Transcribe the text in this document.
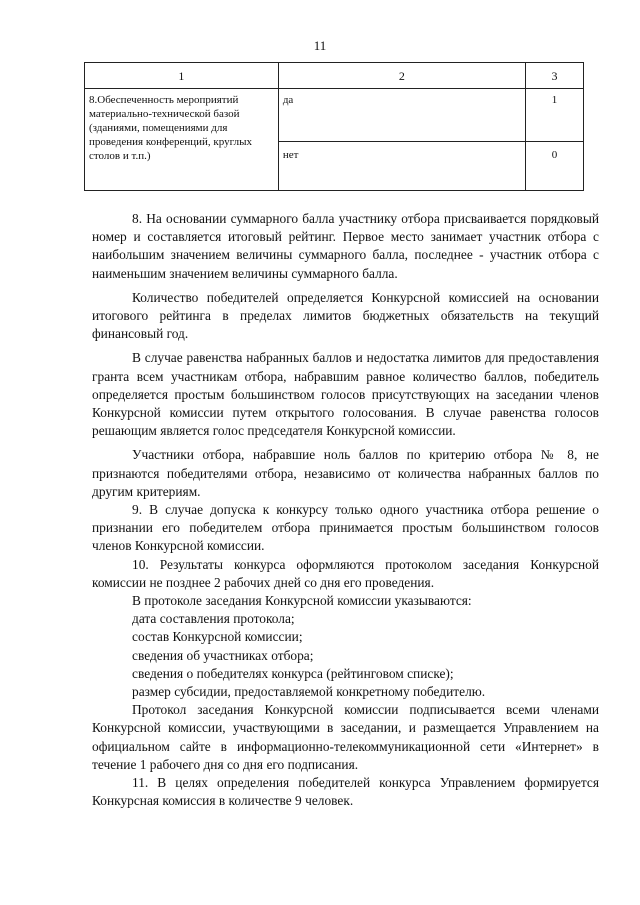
11
1	2	3
8.Обеспеченность мероприятий материально-технической базой (зданиями, помещениями для проведения конференций, круглых столов и т.п.)	да	1
	нет	0

8. На основании суммарного балла участнику отбора присваивается порядковый номер и составляется итоговый рейтинг. Первое место занимает участник отбора с наибольшим значением величины суммарного балла, последнее - участник отбора с наименьшим значением величины суммарного балла.

Количество победителей определяется Конкурсной комиссией на основании итогового рейтинга в пределах лимитов бюджетных обязательств на текущий финансовый год.

В случае равенства набранных баллов и недостатка лимитов для предоставления гранта всем участникам отбора, набравшим равное количество баллов, победитель определяется простым большинством голосов присутствующих на заседании членов Конкурсной комиссии путем открытого голосования. В случае равенства голосов решающим является голос председателя Конкурсной комиссии.

Участники отбора, набравшие ноль баллов по критерию отбора № 8, не признаются победителями отбора, независимо от количества набранных баллов по другим критериям.

9. В случае допуска к конкурсу только одного участника отбора решение о признании его победителем отбора принимается простым большинством голосов членов Конкурсной комиссии.

10. Результаты конкурса оформляются протоколом заседания Конкурсной комиссии не позднее 2 рабочих дней со дня его проведения.

В протоколе заседания Конкурсной комиссии указываются:

дата составления протокола;

состав Конкурсной комиссии;

сведения об участниках отбора;

сведения о победителях конкурса (рейтинговом списке);

размер субсидии, предоставляемой конкретному победителю.

Протокол заседания Конкурсной комиссии подписывается всеми членами Конкурсной комиссии, участвующими в заседании, и размещается Управлением на официальном сайте в информационно-телекоммуникационной сети «Интернет» в течение 1 рабочего дня со дня его подписания.

11. В целях определения победителей конкурса Управлением формируется Конкурсная комиссия в количестве 9 человек.
